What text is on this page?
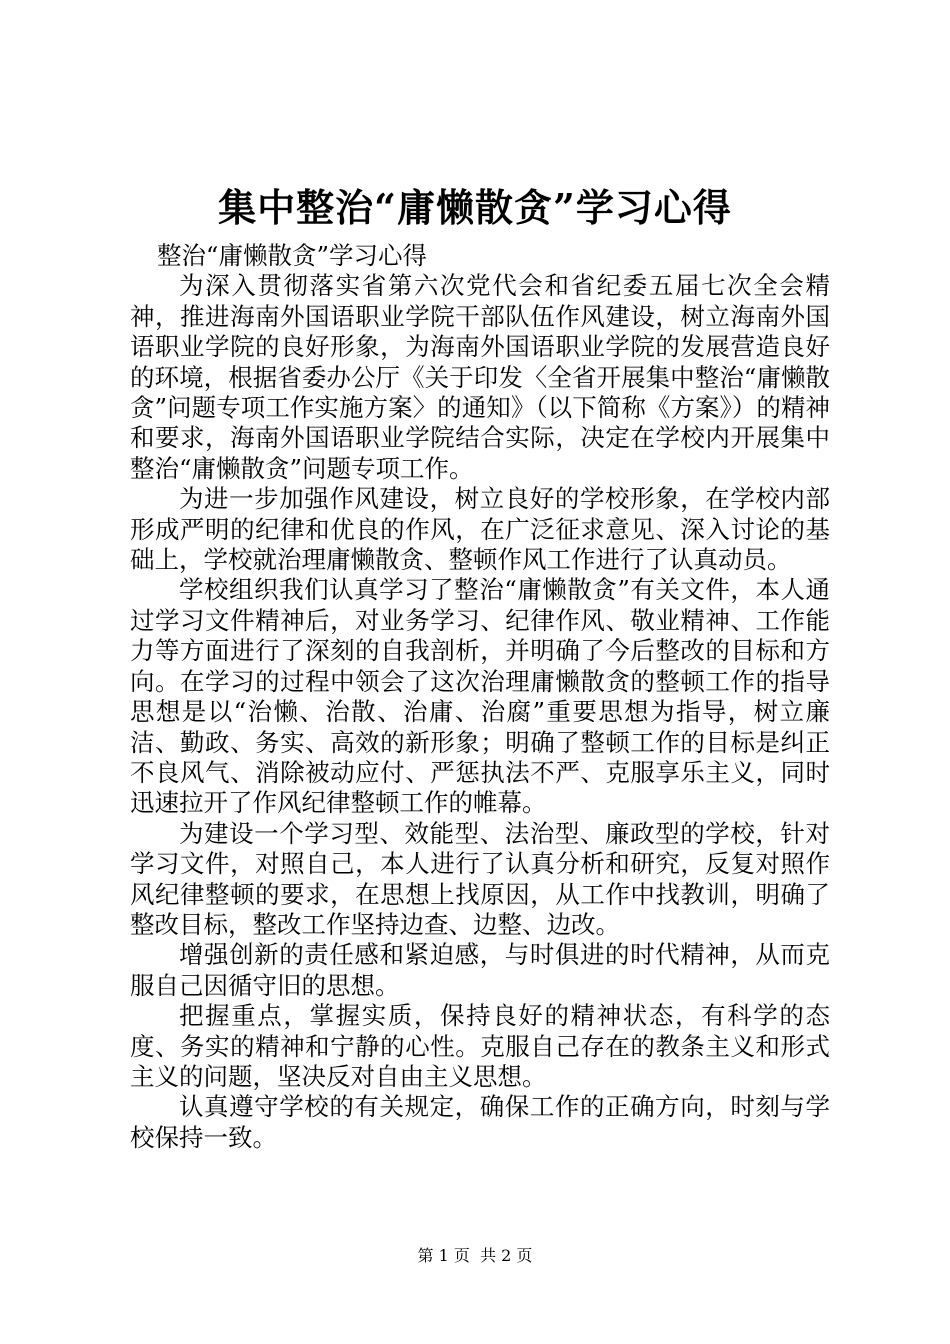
集中整治“庸懒散贪”学习心得

整治“庸懒散贪”学习心得

为深入贯彻落实省第六次党代会和省纪委五届七次全会精神，推进海南外国语职业学院干部队伍作风建设，树立海南外国语职业学院的良好形象，为海南外国语职业学院的发展营造良好的环境，根据省委办公厅《关于印发〈全省开展集中整治“庸懒散贪”问题专项工作实施方案〉的通知》（以下简称《方案》）的精神和要求，海南外国语职业学院结合实际，决定在学校内开展集中整治“庸懒散贪”问题专项工作。

为进一步加强作风建设，树立良好的学校形象，在学校内部形成严明的纪律和优良的作风，在广泛征求意见、深入讨论的基础上，学校就治理庸懒散贪、整顿作风工作进行了认真动员。

学校组织我们认真学习了整治“庸懒散贪”有关文件，本人通过学习文件精神后，对业务学习、纪律作风、敬业精神、工作能力等方面进行了深刻的自我剖析，并明确了今后整改的目标和方向。在学习的过程中领会了这次治理庸懒散贪的整顿工作的指导思想是以“治懒、治散、治庸、治腐”重要思想为指导，树立廉洁、勤政、务实、高效的新形象；明确了整顿工作的目标是纠正不良风气、消除被动应付、严惩执法不严、克服享乐主义，同时迅速拉开了作风纪律整顿工作的帷幕。

为建设一个学习型、效能型、法治型、廉政型的学校，针对学习文件，对照自己，本人进行了认真分析和研究，反复对照作风纪律整顿的要求，在思想上找原因，从工作中找教训，明确了整改目标，整改工作坚持边查、边整、边改。

增强创新的责任感和紧迫感，与时俱进的时代精神，从而克服自己因循守旧的思想。

把握重点，掌握实质，保持良好的精神状态，有科学的态度、务实的精神和宁静的心性。克服自己存在的教条主义和形式主义的问题，坚决反对自由主义思想。

认真遵守学校的有关规定，确保工作的正确方向，时刻与学校保持一致。

第 1 页  共 2 页
